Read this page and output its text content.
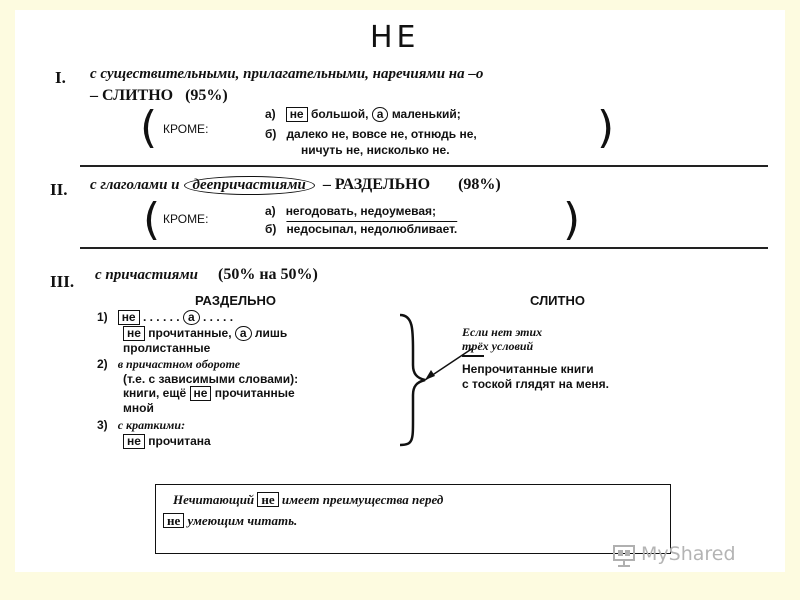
НЕ
I. с существительными, прилагательными, наречиями на –о
– СЛИТНО (95%)
( КРОМЕ:
а) не большой, а маленький;
б) далеко не, вовсе не, отнюдь не,
ничуть не, нисколько не.	)
II. с глаголами и деепричастиями – РАЗДЕЛЬНО (98%)
( КРОМЕ:
а) негодовать, недоумевая;
б) недосыпал, недолюбливает. )
III. с причастиями (50% на 50%)
РАЗДЕЛЬНО	СЛИТНО
1) не . . . . . . а . . . . .
не прочитанные, а лишь
пролистанные
2) в причастном обороте
(т.е. с зависимыми словами):
книги, ещё не прочитанные
мной
3) с краткими:
не прочитана
Если нет этих
трёх условий
Непрочитанные книги
с тоской глядят на меня.
Нечитающий не имеет преимущества перед
не умеющим читать.
MyShared
